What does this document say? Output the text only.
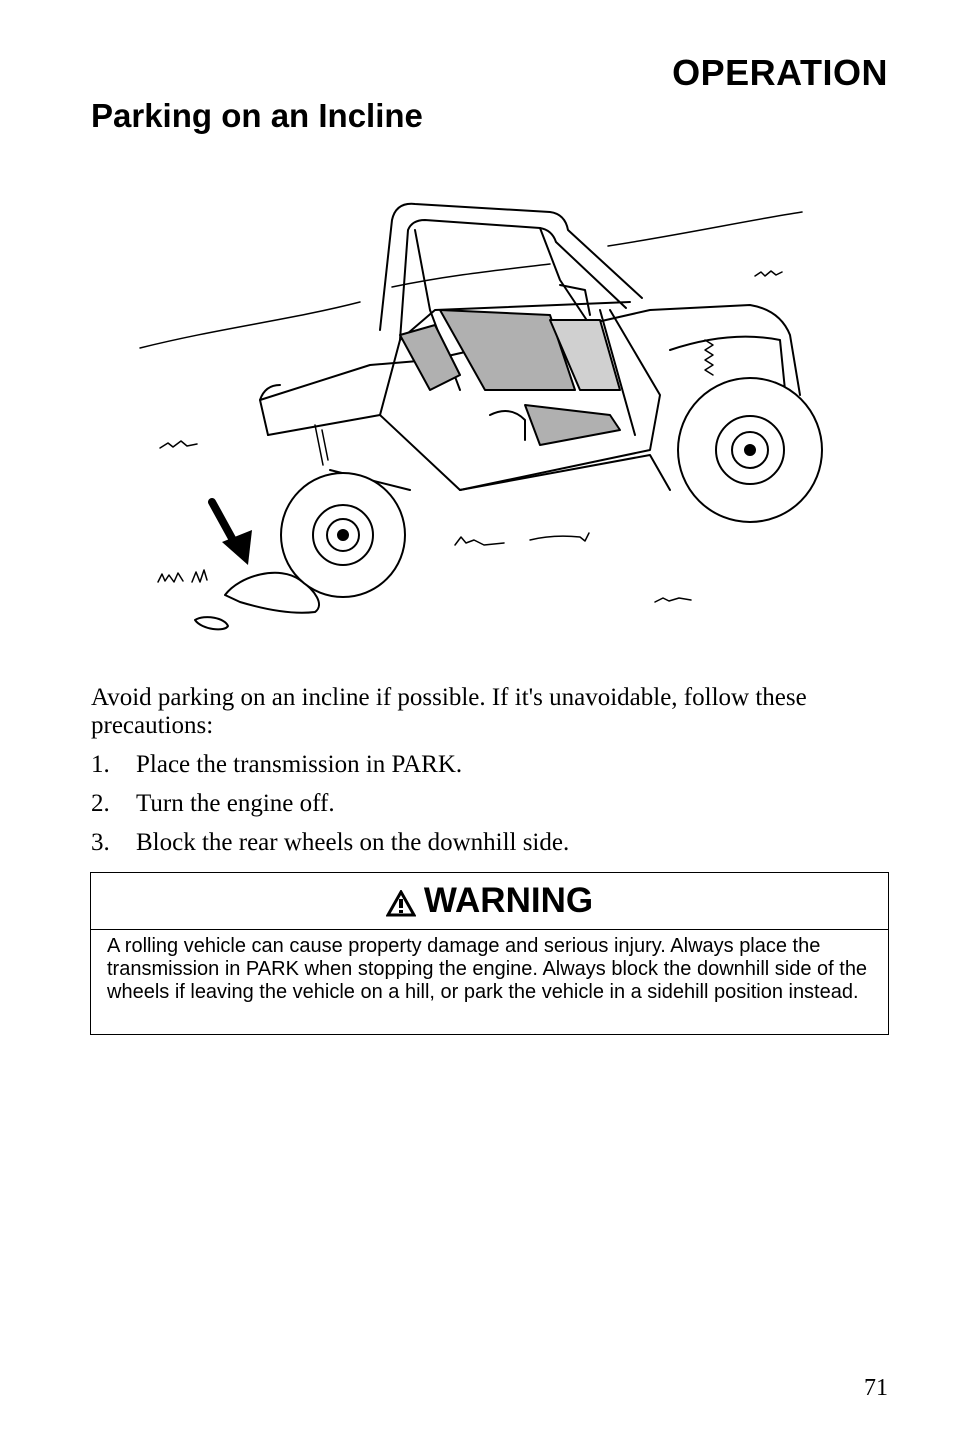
OPERATION
Parking on an Incline
Avoid parking on an incline if possible. If it's unavoidable, follow these precautions:
1.	Place the transmission in PARK.
2.	Turn the engine off.
3.	Block the rear wheels on the downhill side.
WARNING
A rolling vehicle can cause property damage and serious injury. Always place the transmission in PARK when stopping the engine. Always block the downhill side of the wheels if leaving the vehicle on a hill, or park the vehicle in a sidehill position instead.
71
